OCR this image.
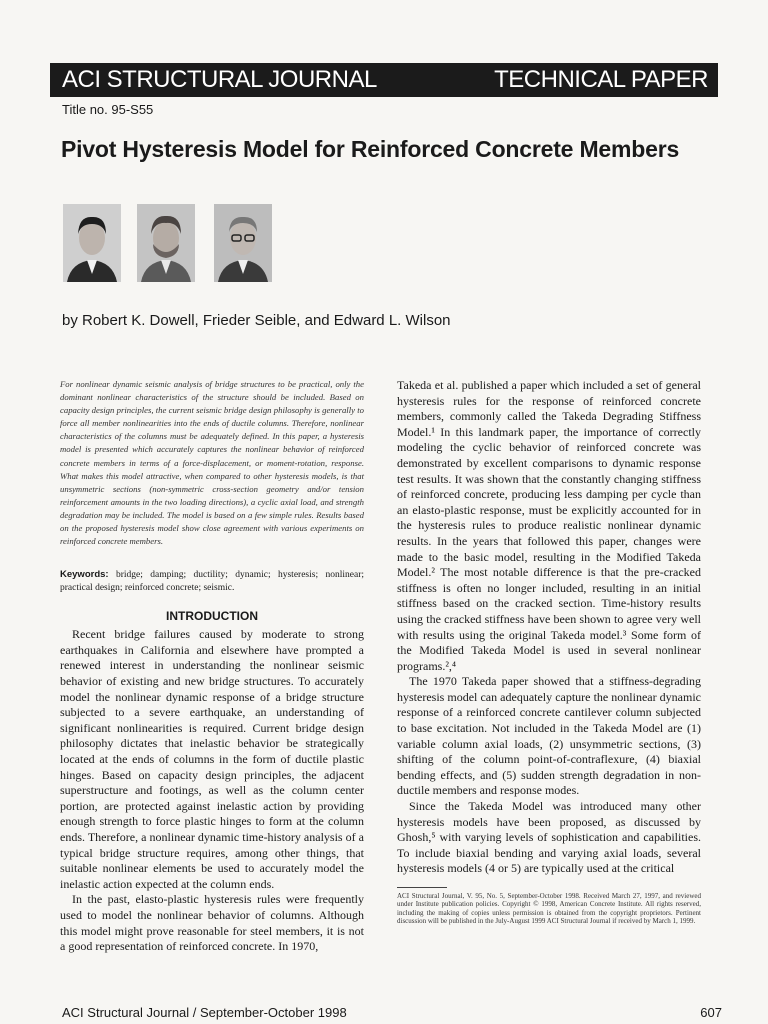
ACI STRUCTURAL JOURNAL	TECHNICAL PAPER
Title no. 95-S55
Pivot Hysteresis Model for Reinforced Concrete Members
by Robert K. Dowell, Frieder Seible, and Edward L. Wilson

For nonlinear dynamic seismic analysis of bridge structures to be practical, only the dominant nonlinear characteristics of the structure should be included. Based on capacity design principles, the current seismic bridge design philosophy is generally to force all member nonlinearities into the ends of ductile columns. Therefore, nonlinear characteristics of the columns must be adequately defined. In this paper, a hysteresis model is presented which accurately captures the nonlinear behavior of reinforced concrete members in terms of a force-displacement, or moment-rotation, response. What makes this model attractive, when compared to other hysteresis models, is that unsymmetric sections (non-symmetric cross-section geometry and/or tension reinforcement amounts in the two loading directions), a cyclic axial load, and strength degradation may be included. The model is based on a few simple rules. Results based on the proposed hysteresis model show close agreement with various experiments on reinforced concrete members.

Keywords: bridge; damping; ductility; dynamic; hysteresis; nonlinear; practical design; reinforced concrete; seismic.

INTRODUCTION

Recent bridge failures caused by moderate to strong earthquakes in California and elsewhere have prompted a renewed interest in understanding the nonlinear seismic behavior of existing and new bridge structures. To accurately model the nonlinear dynamic response of a bridge structure subjected to a severe earthquake, an understanding of significant nonlinearities is required. Current bridge design philosophy dictates that inelastic behavior be strategically located at the ends of columns in the form of ductile plastic hinges. Based on capacity design principles, the adjacent superstructure and footings, as well as the column center portion, are protected against inelastic action by providing enough strength to force plastic hinges to form at the column ends. Therefore, a nonlinear dynamic time-history analysis of a typical bridge structure requires, among other things, that suitable nonlinear elements be used to accurately model the inelastic action expected at the column ends.

In the past, elasto-plastic hysteresis rules were frequently used to model the nonlinear behavior of columns. Although this model might prove reasonable for steel members, it is not a good representation of reinforced concrete. In 1970,

Takeda et al. published a paper which included a set of general hysteresis rules for the response of reinforced concrete members, commonly called the Takeda Degrading Stiffness Model.¹ In this landmark paper, the importance of correctly modeling the cyclic behavior of reinforced concrete was demonstrated by excellent comparisons to dynamic response test results. It was shown that the constantly changing stiffness of reinforced concrete, producing less damping per cycle than an elasto-plastic response, must be explicitly accounted for in the hysteresis rules to produce realistic nonlinear dynamic results. In the years that followed this paper, changes were made to the basic model, resulting in the Modified Takeda Model.² The most notable difference is that the pre-cracked stiffness is often no longer included, resulting in an initial stiffness based on the cracked section. Time-history results using the cracked stiffness have been shown to agree very well with results using the original Takeda model.³ Some form of the Modified Takeda Model is used in several nonlinear programs.²,⁴

The 1970 Takeda paper showed that a stiffness-degrading hysteresis model can adequately capture the nonlinear dynamic response of a reinforced concrete cantilever column subjected to base excitation. Not included in the Takeda Model are (1) variable column axial loads, (2) unsymmetric sections, (3) shifting of the column point-of-contraflexure, (4) biaxial bending effects, and (5) sudden strength degradation in non-ductile members and response modes.

Since the Takeda Model was introduced many other hysteresis models have been proposed, as discussed by Ghosh,⁵ with varying levels of sophistication and capabilities. To include biaxial bending and varying axial loads, several hysteresis models (4 or 5) are typically used at the critical

ACI Structural Journal, V. 95, No. 5, September-October 1998. Received March 27, 1997, and reviewed under Institute publication policies. Copyright © 1998, American Concrete Institute. All rights reserved, including the making of copies unless permission is obtained from the copyright proprietors. Pertinent discussion will be published in the July-August 1999 ACI Structural Journal if received by March 1, 1999.

ACI Structural Journal / September-October 1998	607
